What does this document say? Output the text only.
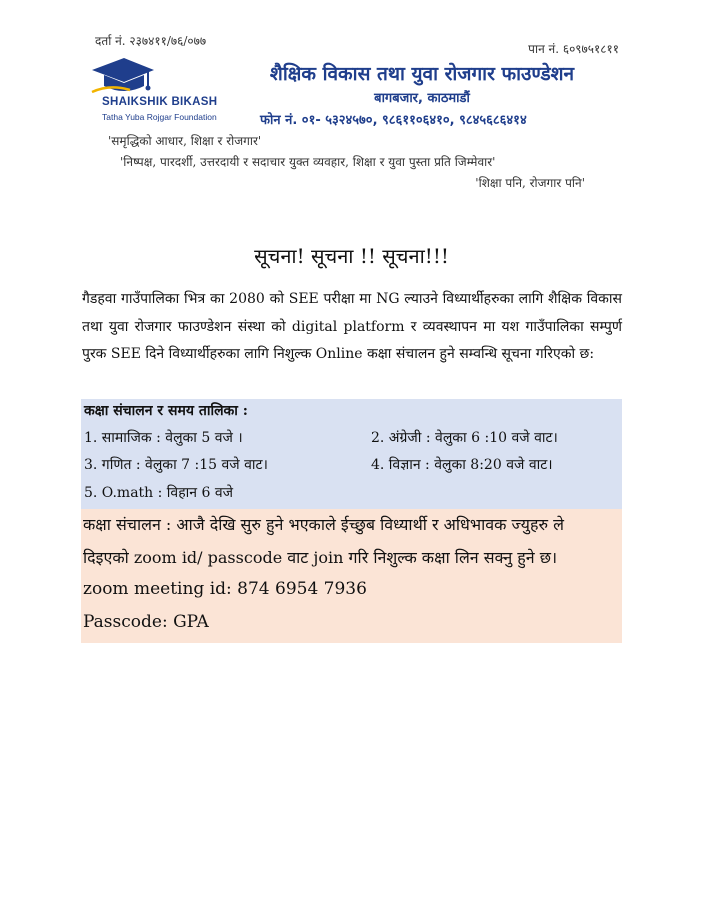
दर्ता नं. २३७४११/७६/०७७
पान नं. ६०९७५१८११
SHAIKSHIK BIKASH
Tatha Yuba Rojgar Foundation
शैक्षिक विकास तथा युवा रोजगार फाउण्डेशन
बागबजार, काठमाडौं
फोन नं. ०१- ५३२४५७०, ९८६११०६४१०, ९८४५६८६४१४
'समृद्धिको आधार, शिक्षा र रोजगार'
'निष्पक्ष, पारदर्शी, उत्तरदायी र सदाचार युक्त व्यवहार, शिक्षा र युवा पुस्ता प्रति जिम्मेवार'
'शिक्षा पनि, रोजगार पनि'
सूचना! सूचना !! सूचना!!!
गैडहवा गाउँपालिका भित्र का 2080 को SEE परीक्षा मा NG ल्याउने विध्यार्थीहरुका लागि शैक्षिक विकास तथा युवा रोजगार फाउण्डेशन संस्था को digital platform र व्यवस्थापन मा यश गाउँपालिका सम्पुर्ण पुरक SEE दिने विध्यार्थीहरुका लागि निशुल्क Online कक्षा संचालन हुने सम्वन्धि सूचना गरिएको छ:
कक्षा संचालन र समय तालिका :
1. सामाजिक : वेलुका 5 वजे ।	2. अंग्रेजी : वेलुका 6 :10 वजे वाट।
3. गणित : वेलुका 7 :15 वजे वाट।	4. विज्ञान : वेलुका 8:20 वजे वाट।
5. O.math : विहान 6 वजे
कक्षा संचालन : आजै देखि सुरु हुने भएकाले ईच्छुब विध्यार्थी र अधिभावक ज्युहरु ले
दिइएको zoom id/ passcode वाट join गरि निशुल्क कक्षा लिन सक्नु हुने छ।
zoom meeting id: 874 6954 7936
Passcode: GPA
